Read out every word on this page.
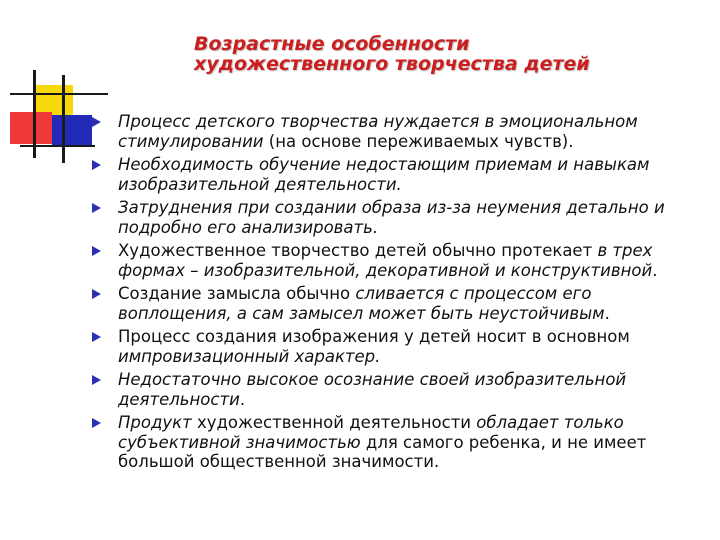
Возрастные особенности
художественного творчества детей
Процесс детского творчества нуждается в эмоциональном стимулировании (на основе переживаемых чувств).
Необходимость обучение недостающим приемам и навыкам изобразительной деятельности.
Затруднения при создании образа из-за неумения детально и подробно его анализировать.
Художественное творчество детей обычно протекает в трех формах – изобразительной, декоративной и конструктивной.
Создание замысла обычно сливается с процессом его воплощения, а сам замысел может быть неустойчивым.
Процесс создания изображения у детей носит в основном импровизационный характер.
Недостаточно высокое осознание своей изобразительной деятельности.
Продукт художественной деятельности обладает только субъективной значимостью для самого ребенка, и не имеет большой общественной значимости.
